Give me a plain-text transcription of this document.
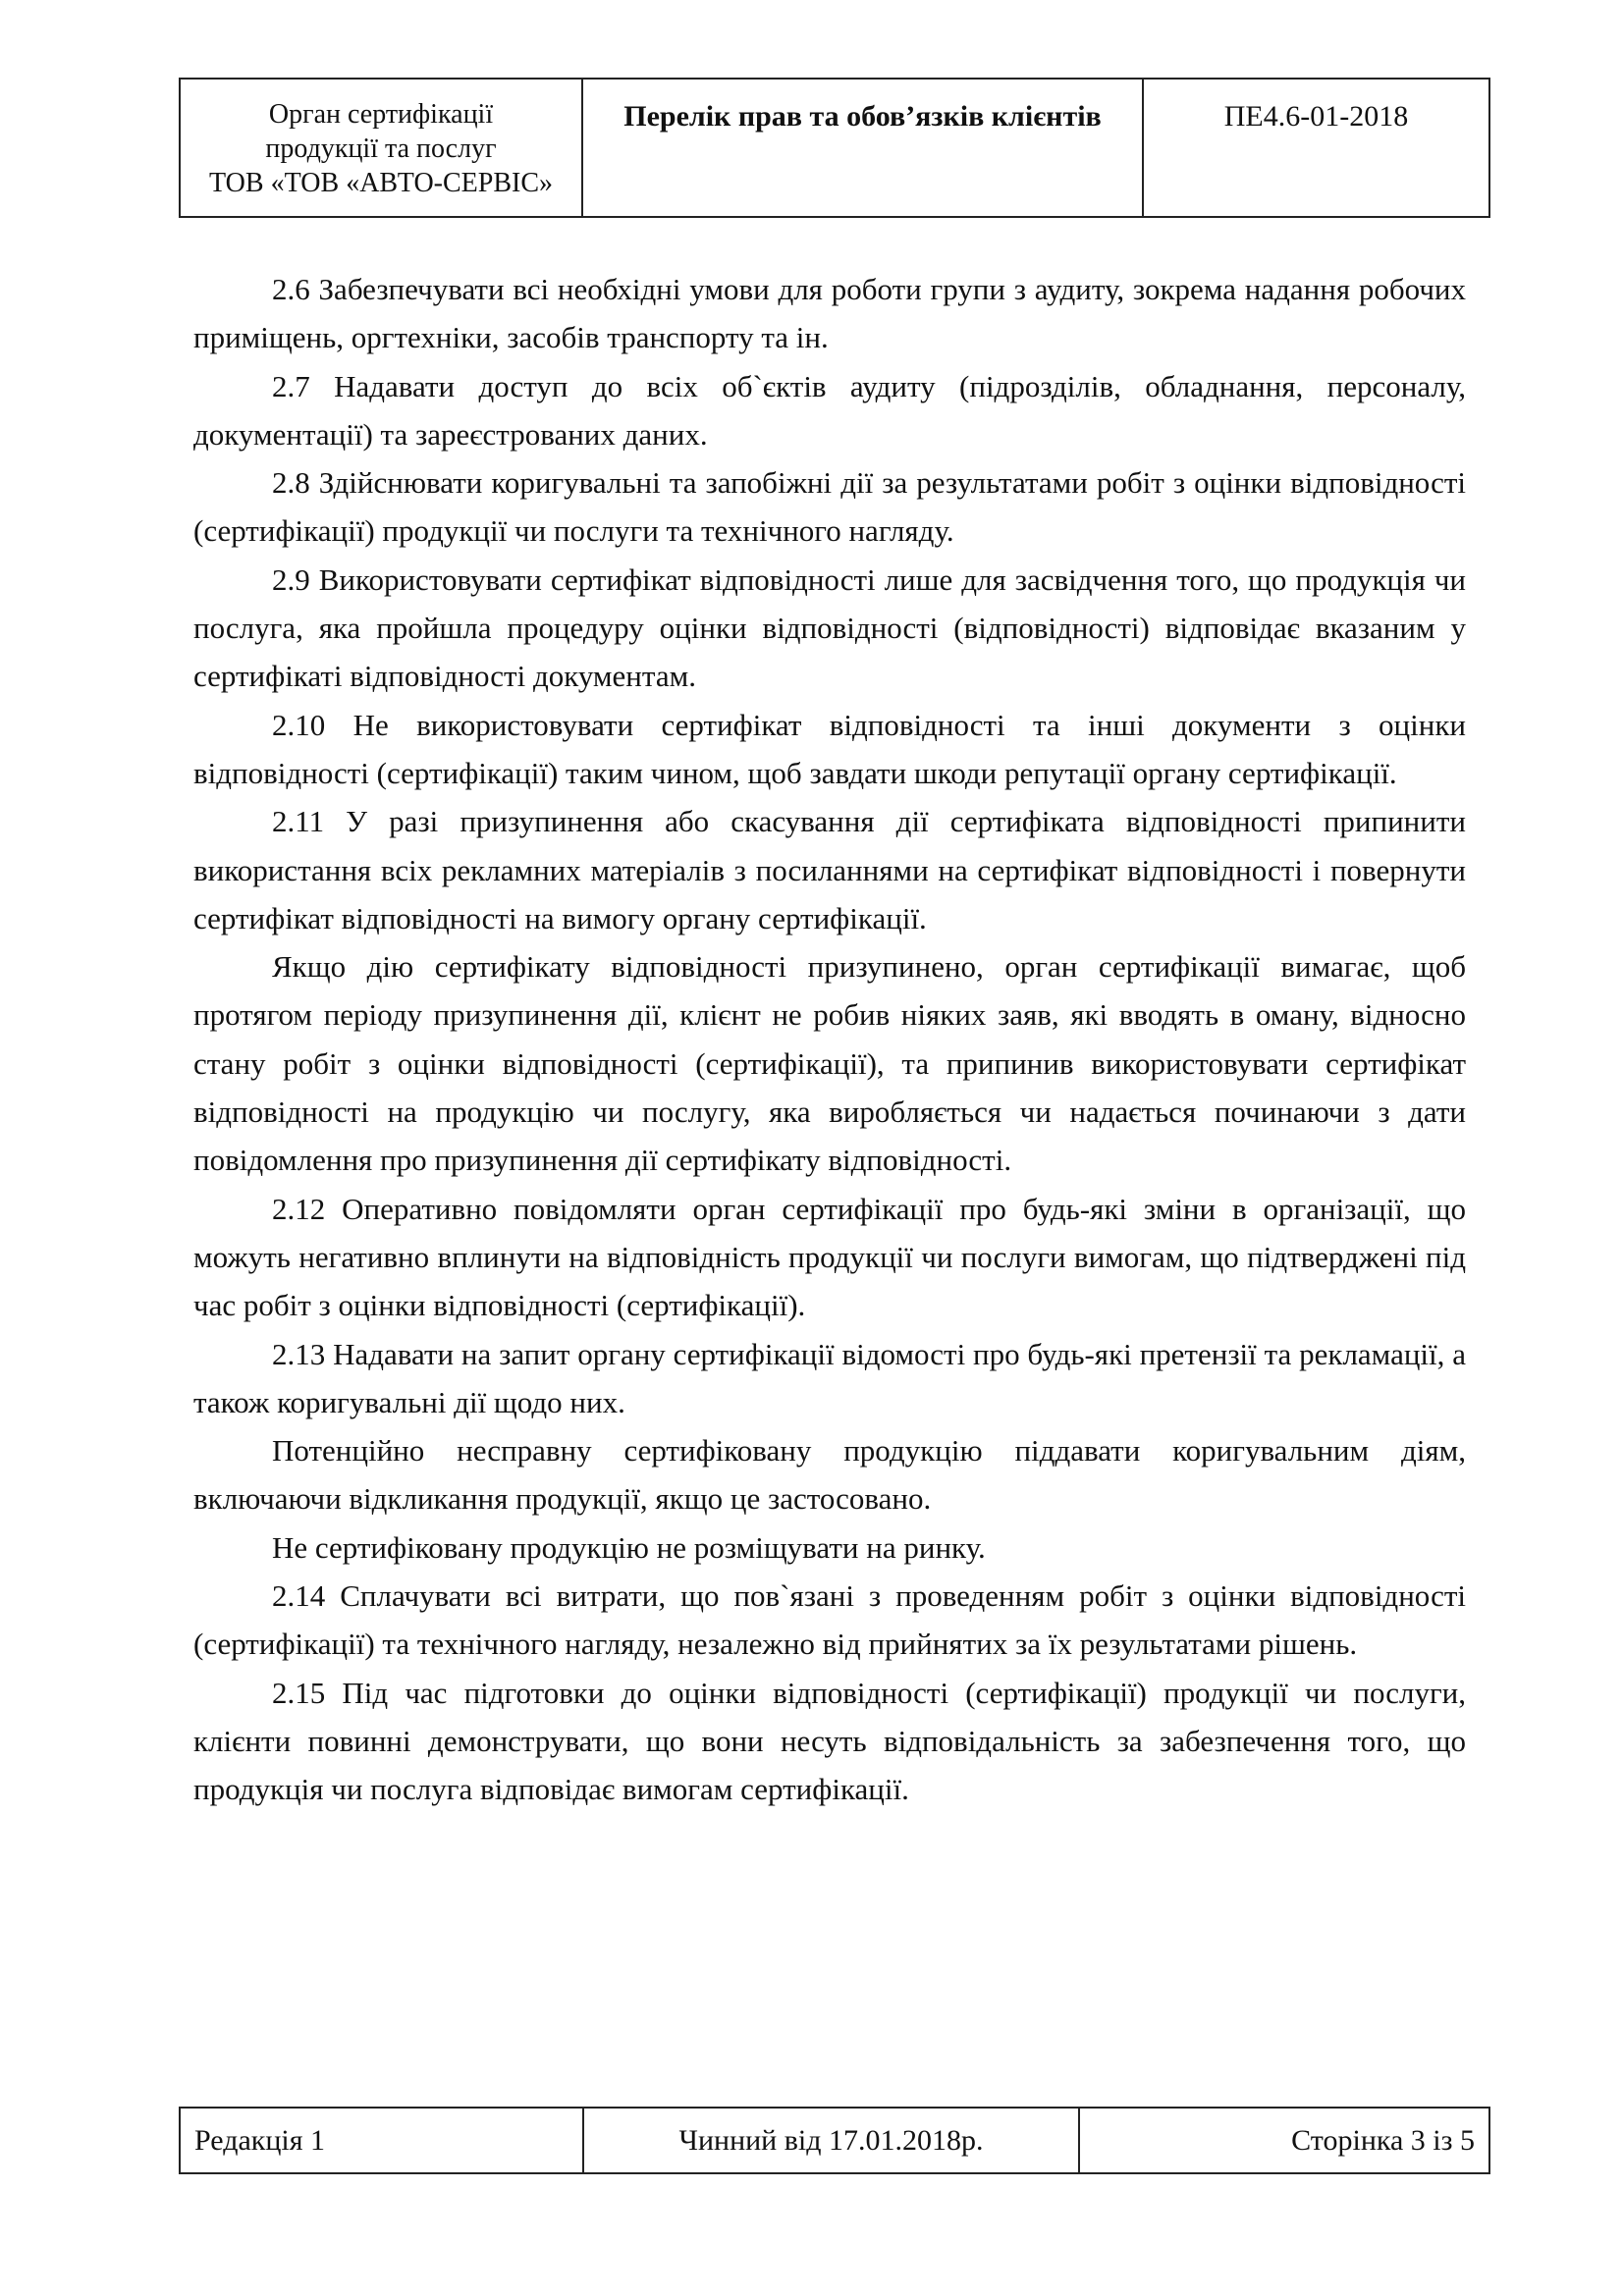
Орган сертифікації
продукції та послуг
ТОВ «ТОВ «АВТО-СЕРВІС»
	Перелік прав та обов’язків клієнтів	ПЕ4.6-01-2018

2.6 Забезпечувати всі необхідні умови для роботи групи з аудиту, зокрема надання робочих приміщень, оргтехніки, засобів транспорту та ін.

2.7 Надавати доступ до всіх об`єктів аудиту (підрозділів, обладнання, персоналу, документації) та зареєстрованих даних.

2.8 Здійснювати коригувальні та запобіжні дії за результатами робіт з оцінки відповідності (сертифікації) продукції чи послуги та технічного нагляду.

2.9 Використовувати сертифікат відповідності лише для засвідчення того, що продукція чи послуга, яка пройшла процедуру оцінки відповідності (відповідності) відповідає вказаним у сертифікаті відповідності документам.

2.10 Не використовувати сертифікат відповідності та інші документи з оцінки відповідності (сертифікації) таким чином, щоб завдати шкоди репутації органу сертифікації.

2.11 У разі призупинення або скасування дії сертифіката відповідності припинити використання всіх рекламних матеріалів з посиланнями на сертифікат відповідності і повернути сертифікат відповідності на вимогу органу сертифікації.

Якщо дію сертифікату відповідності призупинено, орган сертифікації вимагає, щоб протягом періоду призупинення дії, клієнт не робив ніяких заяв, які вводять в оману, відносно стану робіт з оцінки відповідності (сертифікації), та припинив використовувати сертифікат відповідності на продукцію чи послугу, яка виробляється чи надається починаючи з дати повідомлення про призупинення дії сертифікату відповідності.

2.12 Оперативно повідомляти орган сертифікації про будь-які зміни в організації, що можуть негативно вплинути на відповідність продукції чи послуги вимогам, що підтверджені під час робіт з оцінки відповідності (сертифікації).

2.13 Надавати на запит органу сертифікації відомості про будь-які претензії та рекламації, а також коригувальні дії щодо них.

Потенційно несправну сертифіковану продукцію піддавати коригувальним діям, включаючи відкликання продукції, якщо це застосовано.

Не сертифіковану продукцію не розміщувати на ринку.

2.14 Сплачувати всі витрати, що пов`язані з проведенням робіт з оцінки відповідності (сертифікації) та технічного нагляду, незалежно від прийнятих за їх результатами рішень.

2.15 Під час підготовки до оцінки відповідності (сертифікації) продукції чи послуги, клієнти повинні демонструвати, що вони несуть відповідальність за забезпечення того, що продукція чи послуга відповідає вимогам сертифікації.

Редакція 1	Чинний від 17.01.2018р.	Сторінка 3 із 5
